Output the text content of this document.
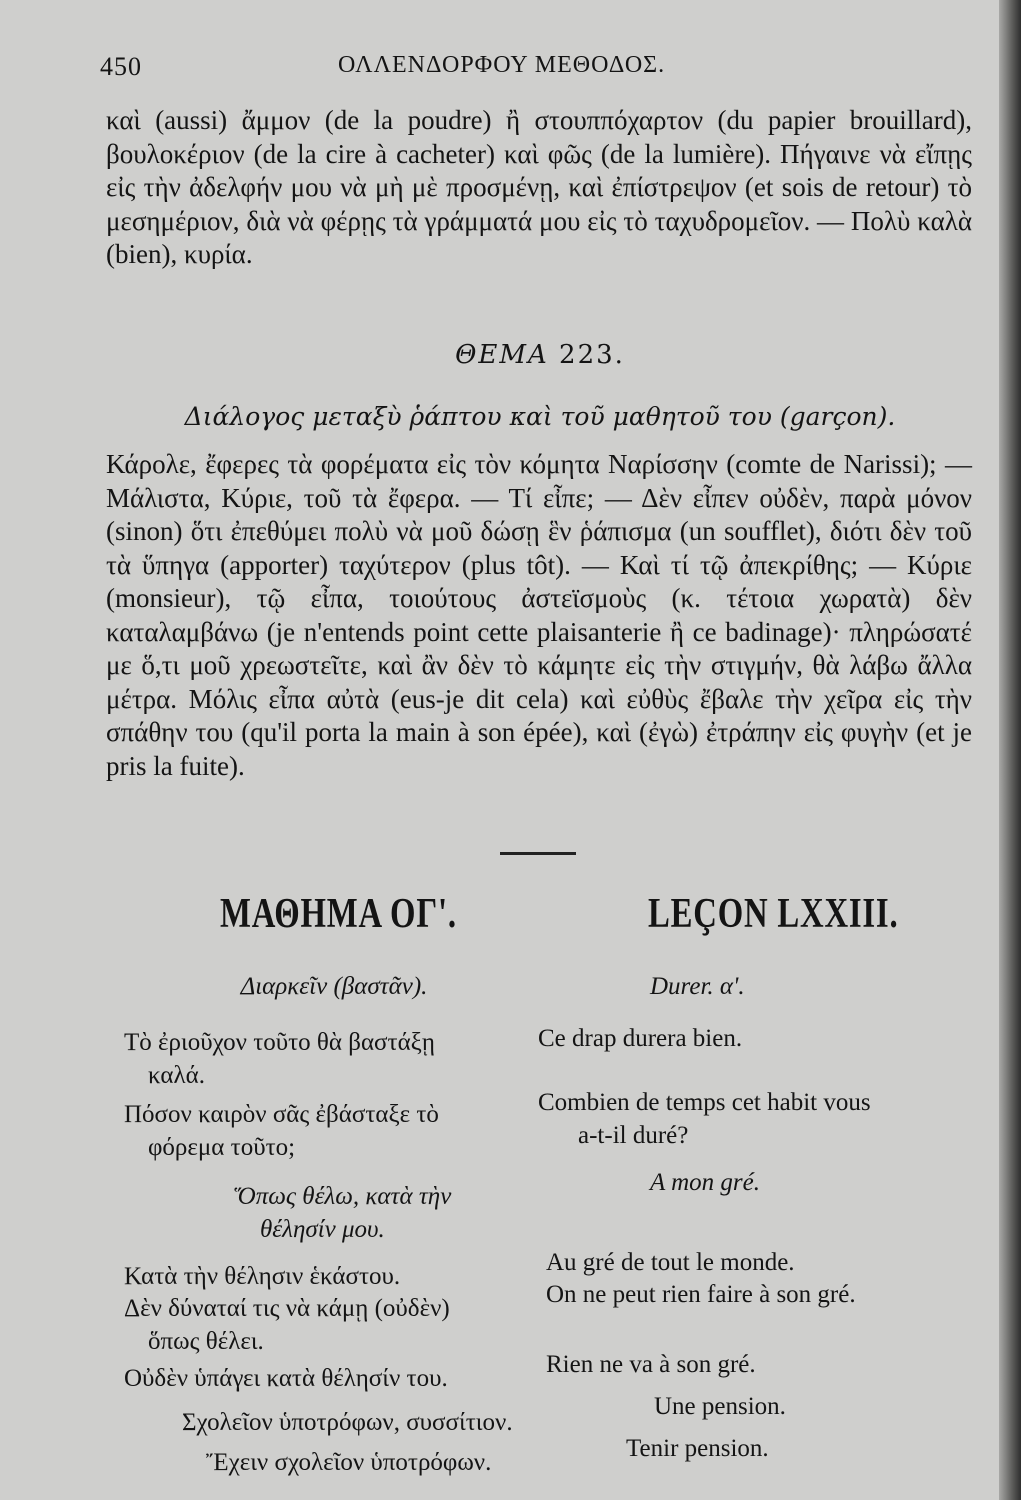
450	ΟΛΛΕΝΔΟΡΦΟΥ ΜΕΘΟΔΟΣ.

καὶ (aussi) ἄμμον (de la poudre) ἢ στουππόχαρτον (du papier brouillard), βουλοκέριον (de la cire à cacheter) καὶ φῶς (de la lumière). Πήγαινε νὰ εἴπῃς εἰς τὴν ἀδελφήν μου νὰ μὴ μὲ προσμένῃ, καὶ ἐπίστρεψον (et sois de retour) τὸ μεσημέριον, διὰ νὰ φέρῃς τὰ γράμματά μου εἰς τὸ ταχυδρομεῖον. — Πολὺ καλὰ (bien), κυρία.

ΘΕΜΑ 223.
Διάλογος μεταξὺ ῥάπτου καὶ τοῦ μαθητοῦ του (garçon).

Κάρολε, ἔφερες τὰ φορέματα εἰς τὸν κόμητα Ναρίσσην (comte de Narissi); — Μάλιστα, Κύριε, τοῦ τὰ ἔφερα. — Τί εἶπε; — Δὲν εἶπεν οὐδὲν, παρὰ μόνον (sinon) ὅτι ἐπεθύμει πολὺ νὰ μοῦ δώσῃ ἓν ῥάπισμα (un soufflet), διότι δὲν τοῦ τὰ ὕπηγα (apporter) ταχύτερον (plus tôt). — Καὶ τί τῷ ἀπεκρίθης; — Κύριε (monsieur), τῷ εἶπα, τοιούτους ἀστεϊσμοὺς (κ. τέτοια χωρατὰ) δὲν καταλαμβάνω (je n'entends point cette plaisanterie ἢ ce badinage)· πληρώσατέ με ὅ,τι μοῦ χρεωστεῖτε, καὶ ἂν δὲν τὸ κάμητε εἰς τὴν στιγμήν, θὰ λάβω ἄλλα μέτρα. Μόλις εἶπα αὐτὰ (eus-je dit cela) καὶ εὐθὺς ἔβαλε τὴν χεῖρα εἰς τὴν σπάθην του (qu'il porta la main à son épée), καὶ (ἐγὼ) ἐτράπην εἰς φυγὴν (et je pris la fuite).

ΜΑΘΗΜΑ ΟΓ'.	LEÇON LXXIII.
Διαρκεῖν (βαστᾶν).
Τὸ ἐριοῦχον τοῦτο θὰ βαστάξῃ
καλά.
Πόσον καιρὸν σᾶς ἐβάσταξε τὸ
φόρεμα τοῦτο;
Ὅπως θέλω, κατὰ τὴν
θέλησίν μου.
Κατὰ τὴν θέλησιν ἑκάστου.
Δὲν δύναταί τις νὰ κάμῃ (οὐδὲν)
ὅπως θέλει.
Οὐδὲν ὑπάγει κατὰ θέλησίν του.
Σχολεῖον ὑποτρόφων, συσσίτιον.
Ἔχειν σχολεῖον ὑποτρόφων.
Durer. α'.
Ce drap durera bien.
Combien de temps cet habit vous
a-t-il duré?
A mon gré.
Au gré de tout le monde.
On ne peut rien faire à son gré.
Rien ne va à son gré.
Une pension.
Tenir pension.
